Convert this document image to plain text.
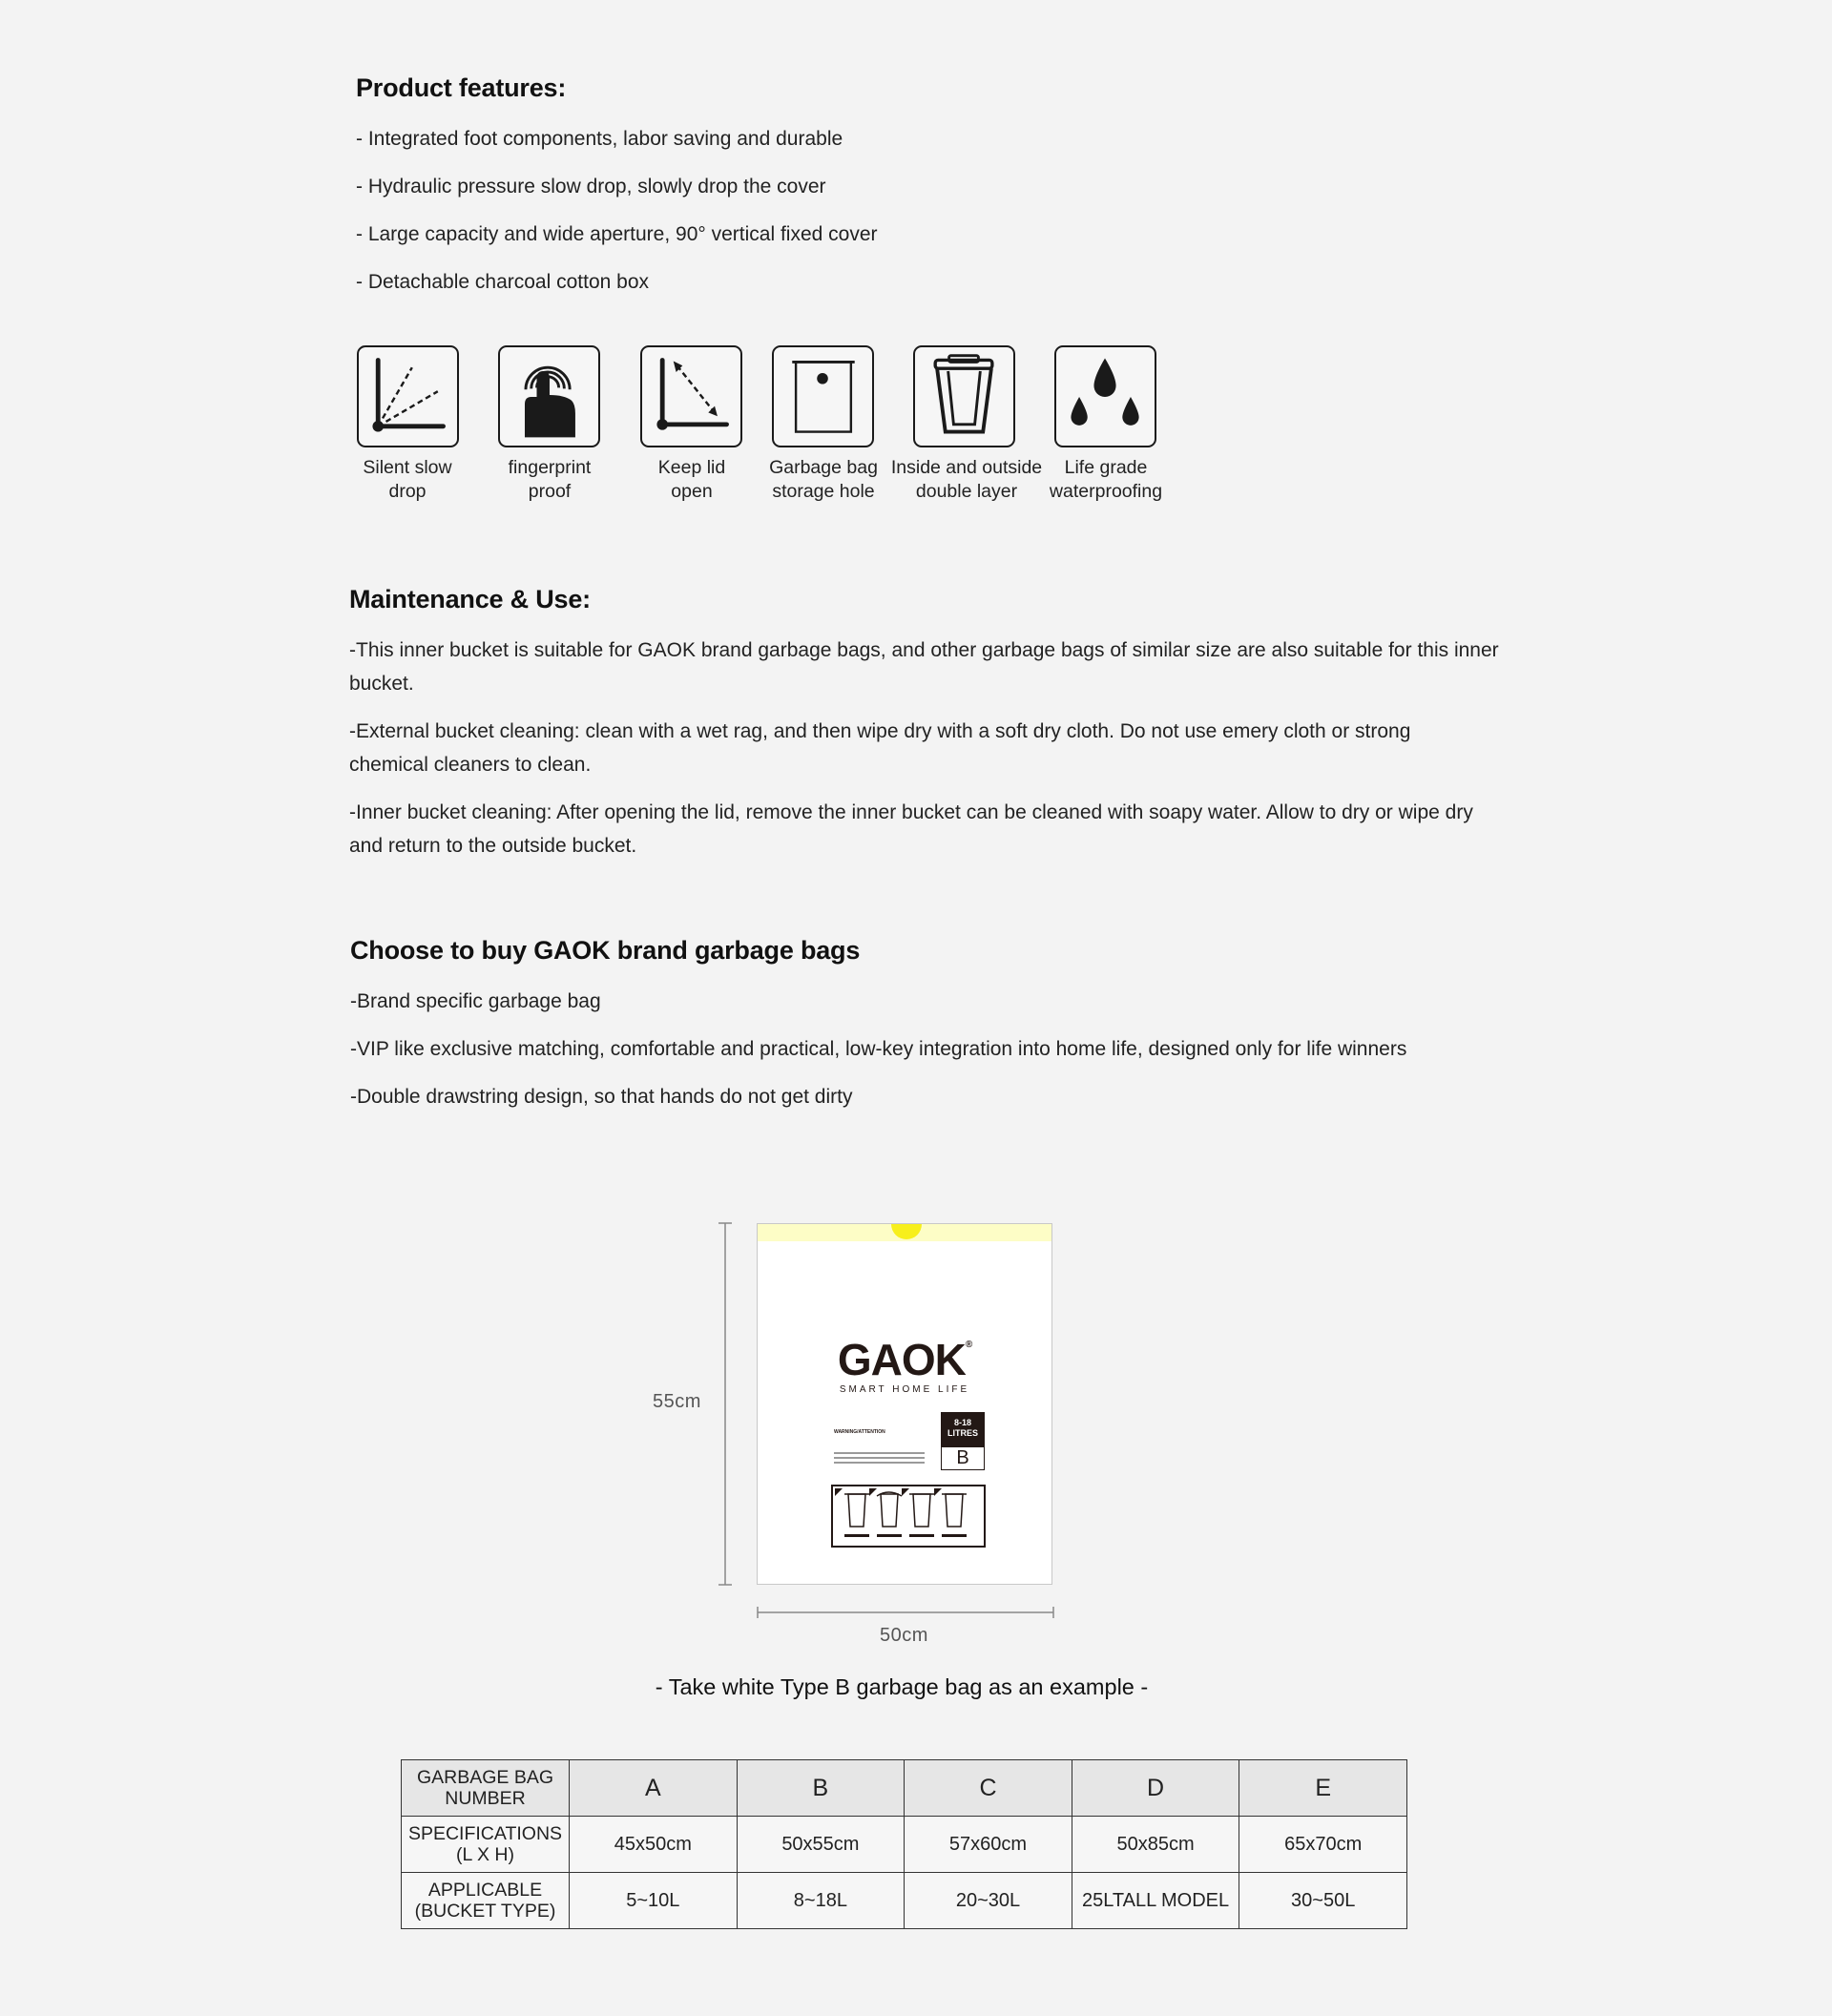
Product features:
- Integrated foot components, labor saving and durable
- Hydraulic pressure slow drop, slowly drop the cover
- Large capacity and wide aperture, 90° vertical fixed cover
- Detachable charcoal cotton box
Silent slow
drop
fingerprint
proof
Keep lid
open
Garbage bag
storage hole
Inside and outside
double layer
Life grade
waterproofing
Maintenance & Use:
-This inner bucket is suitable for GAOK brand garbage bags, and other garbage bags of similar size are also suitable for this inner
bucket.
-External bucket cleaning: clean with a wet rag, and then wipe dry with a soft dry cloth. Do not use emery cloth or strong
chemical cleaners to clean.
-Inner bucket cleaning: After opening the lid, remove the inner bucket can be cleaned with soapy water. Allow to dry or wipe dry
and return to the outside bucket.
Choose to buy GAOK brand garbage bags
-Brand specific garbage bag
-VIP like exclusive matching, comfortable and practical, low-key integration into home life, designed only for life winners
-Double drawstring design, so that hands do not get dirty
55cm
50cm
GAOK®
SMART HOME LIFE
WARNING/ATTENTION
8-18
LITRES
B
- Take white Type B garbage bag as an example -
GARBAGE BAG
NUMBER	A	B	C	D	E

SPECIFICATIONS
(L X H)	45x50cm	50x55cm	57x60cm	50x85cm	65x70cm

APPLICABLE
(BUCKET TYPE)	5~10L	8~18L	20~30L	25LTALL MODEL	30~50L
